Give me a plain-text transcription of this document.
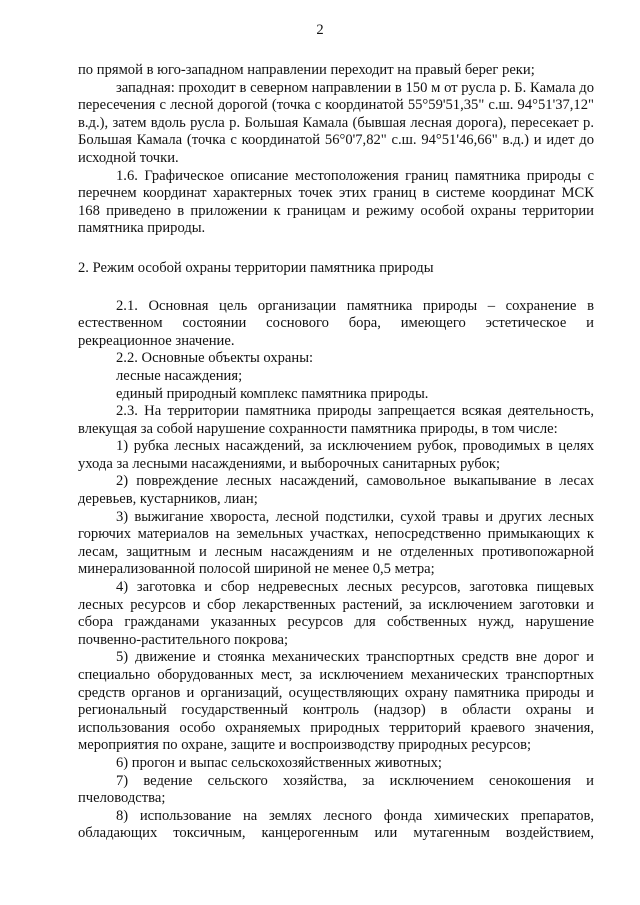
2

по прямой в юго-западном направлении переходит на правый берег реки;

западная: проходит в северном направлении в 150 м от русла р. Б. Камала до пересечения с лесной дорогой (точка с координатой 55°59'51,35" с.ш. 94°51'37,12" в.д.), затем вдоль русла р. Большая Камала (бывшая лесная дорога), пересекает р. Большая Камала (точка с координатой 56°0'7,82" с.ш. 94°51'46,66" в.д.) и идет до исходной точки.

1.6. Графическое описание местоположения границ памятника природы с перечнем координат характерных точек этих границ в системе координат МСК 168 приведено в приложении к границам и режиму особой охраны территории памятника природы.

2. Режим особой охраны территории памятника природы

2.1. Основная цель организации памятника природы – сохранение в естественном состоянии соснового бора, имеющего эстетическое и рекреационное значение.

2.2. Основные объекты охраны:

лесные насаждения;

единый природный комплекс памятника природы.

2.3. На территории памятника природы запрещается всякая деятельность, влекущая за собой нарушение сохранности памятника природы, в том числе:

1) рубка лесных насаждений, за исключением рубок, проводимых в целях ухода за лесными насаждениями, и выборочных санитарных рубок;

2) повреждение лесных насаждений, самовольное выкапывание в лесах деревьев, кустарников, лиан;

3) выжигание хвороста, лесной подстилки, сухой травы и других лесных горючих материалов на земельных участках, непосредственно примыкающих к лесам, защитным и лесным насаждениям и не отделенных противопожарной минерализованной полосой шириной не менее 0,5 метра;

4) заготовка и сбор недревесных лесных ресурсов, заготовка пищевых лесных ресурсов и сбор лекарственных растений, за исключением заготовки и сбора гражданами указанных ресурсов для собственных нужд, нарушение почвенно-растительного покрова;

5) движение и стоянка механических транспортных средств вне дорог и специально оборудованных мест, за исключением механических транспортных средств органов и организаций, осуществляющих охрану памятника природы и региональный государственный контроль (надзор) в области охраны и использования особо охраняемых природных территорий краевого значения, мероприятия по охране, защите и воспроизводству природных ресурсов;

6) прогон и выпас сельскохозяйственных животных;

7) ведение сельского хозяйства, за исключением сенокошения и пчеловодства;

8) использование на землях лесного фонда химических препаратов, обладающих токсичным, канцерогенным или мутагенным воздействием,
